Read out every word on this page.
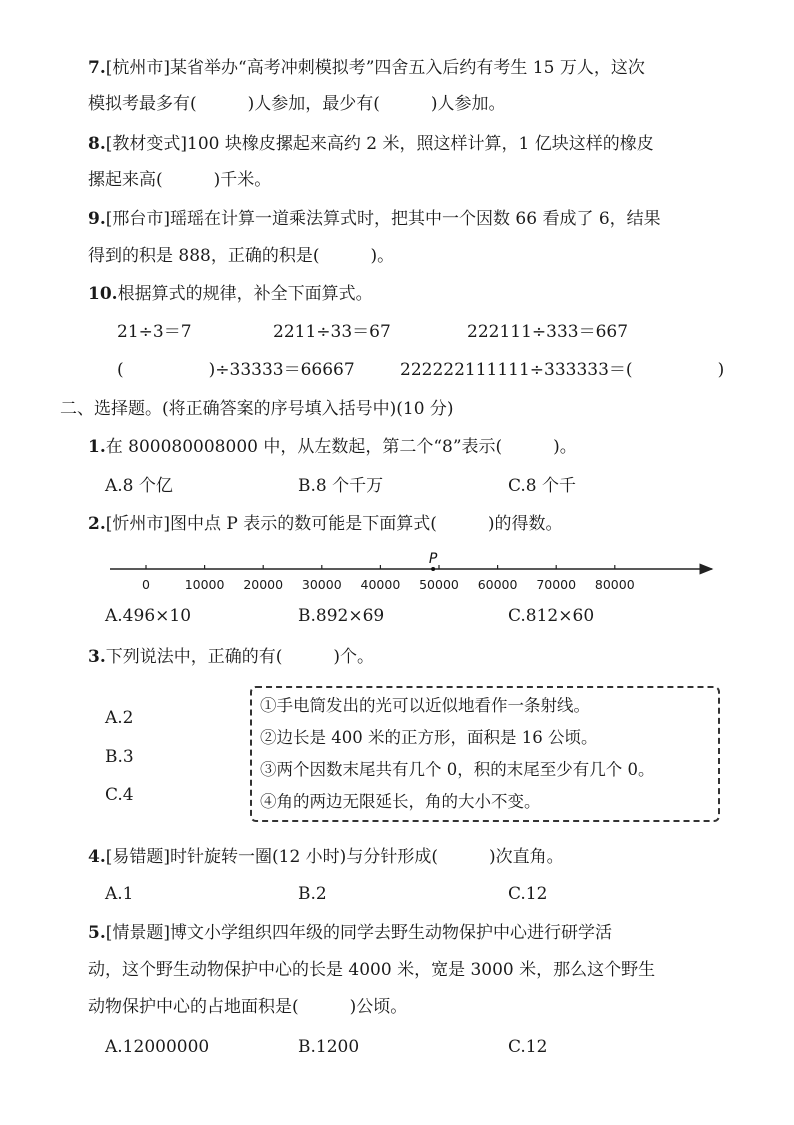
7.[杭州市]某省举办“高考冲刺模拟考”四舍五入后约有考生 15 万人，这次
模拟考最多有(　　　)人参加，最少有(　　　)人参加。
8.[教材变式]100 块橡皮摞起来高约 2 米，照这样计算，1 亿块这样的橡皮
摞起来高(　　　)千米。
9.[邢台市]瑶瑶在计算一道乘法算式时，把其中一个因数 66 看成了 6，结果
得到的积是 888，正确的积是(　　　)。
10.根据算式的规律，补全下面算式。
21÷3＝7	2211÷33＝67	222111÷333＝667
(　　　　　)÷33333＝66667	222222111111÷333333＝(　　　　　)
二、选择题。(将正确答案的序号填入括号中)(10 分)
1.在 800080008000 中，从左数起，第二个“8”表示(　　　)。
A.8 个亿	B.8 个千万	C.8 个千
2.[忻州市]图中点 P 表示的数可能是下面算式(　　　)的得数。
0	10000 20000 30000 40000 50000 60000 70000 80000
P
A.496×10	B.892×69	C.812×60
3.下列说法中，正确的有(　　　)个。
A.2
B.3
C.4
①手电筒发出的光可以近似地看作一条射线。
②边长是 400 米的正方形，面积是 16 公顷。
③两个因数末尾共有几个 0，积的末尾至少有几个 0。
④角的两边无限延长，角的大小不变。
4.[易错题]时针旋转一圈(12 小时)与分针形成(　　　)次直角。
A.1	B.2	C.12
5.[情景题]博文小学组织四年级的同学去野生动物保护中心进行研学活
动，这个野生动物保护中心的长是 4000 米，宽是 3000 米，那么这个野生
动物保护中心的占地面积是(　　　)公顷。
A.12000000	B.1200	C.12
